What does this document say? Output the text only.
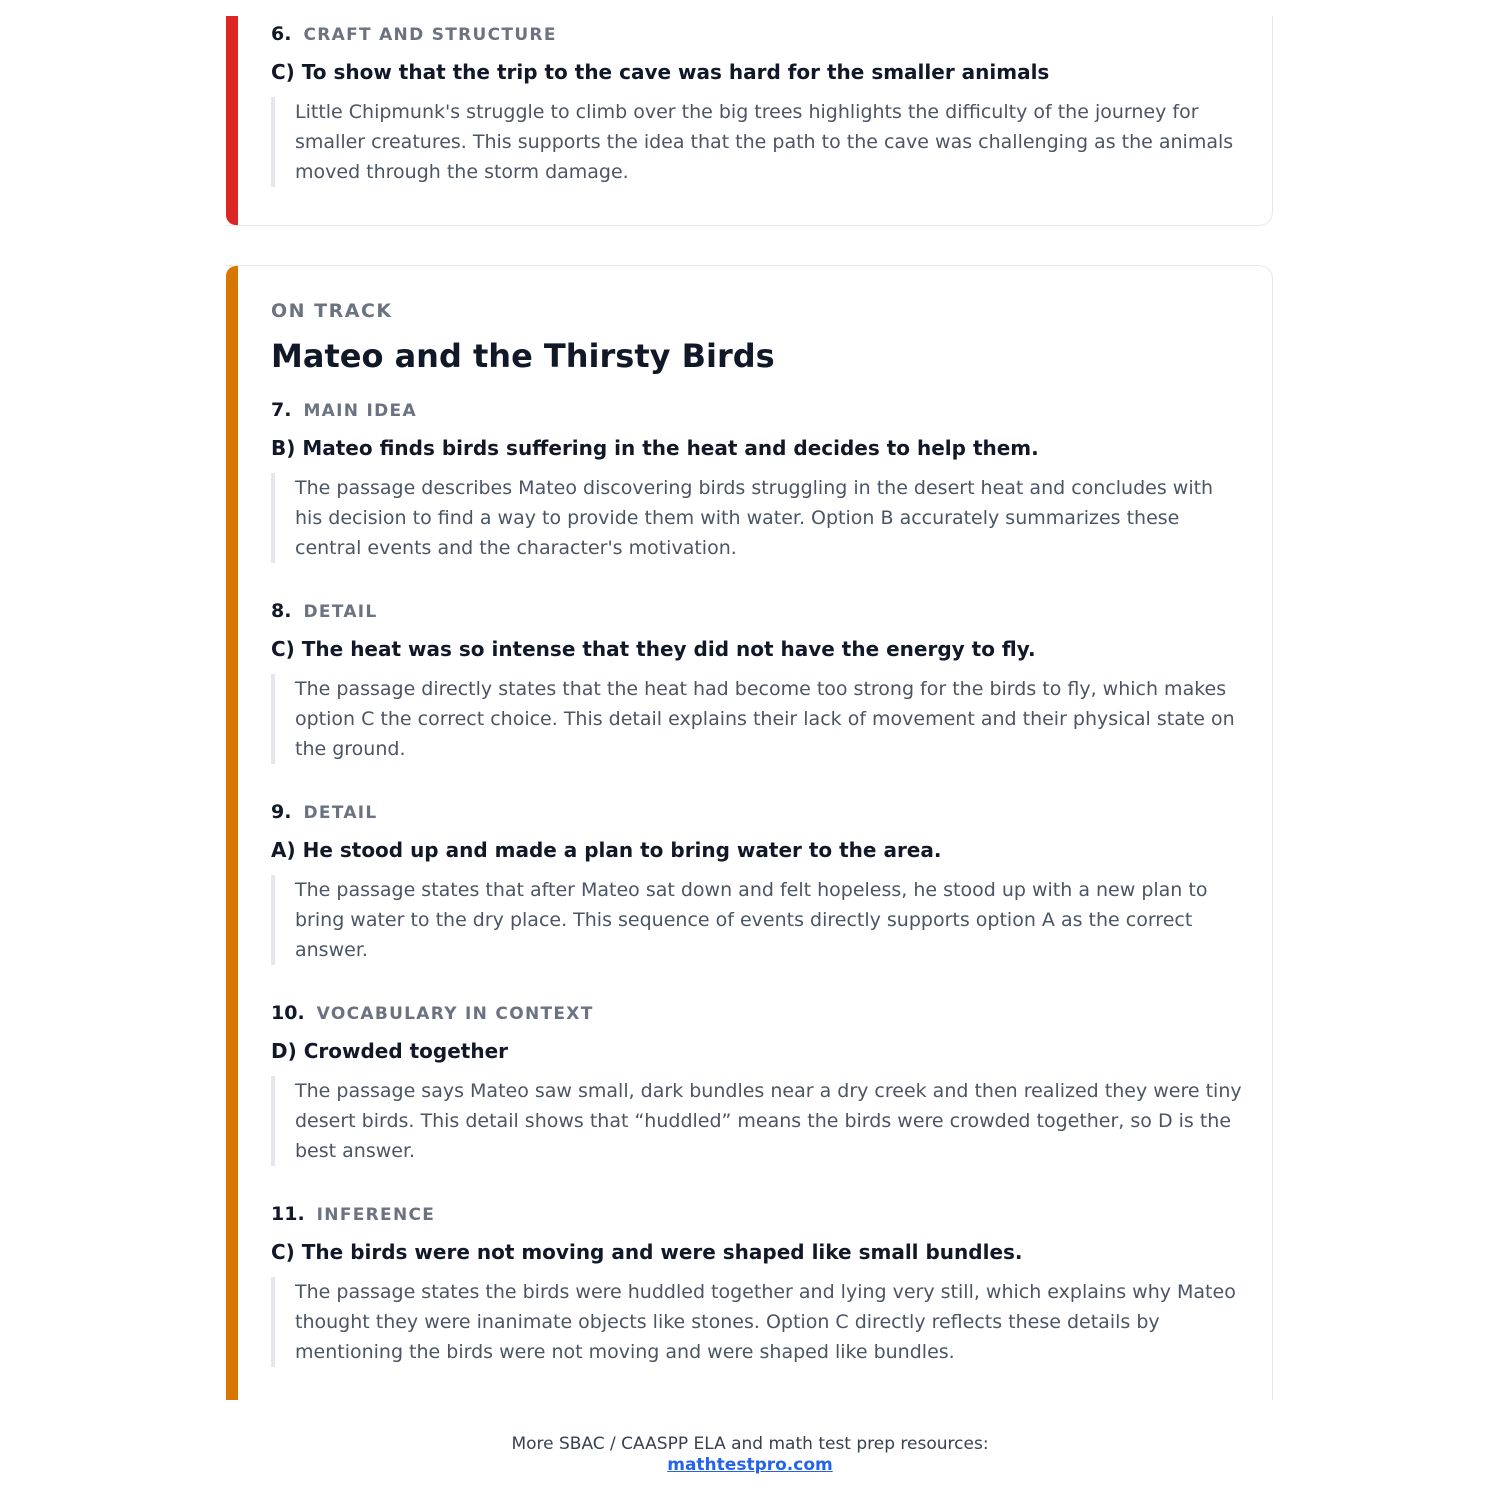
6. CRAFT AND STRUCTURE
C) To show that the trip to the cave was hard for the smaller animals
Little Chipmunk's struggle to climb over the big trees highlights the difficulty of the journey for smaller creatures. This supports the idea that the path to the cave was challenging as the animals moved through the storm damage.
ON TRACK
Mateo and the Thirsty Birds
7. MAIN IDEA
B) Mateo finds birds suffering in the heat and decides to help them.
The passage describes Mateo discovering birds struggling in the desert heat and concludes with his decision to find a way to provide them with water. Option B accurately summarizes these central events and the character's motivation.
8. DETAIL
C) The heat was so intense that they did not have the energy to fly.
The passage directly states that the heat had become too strong for the birds to fly, which makes option C the correct choice. This detail explains their lack of movement and their physical state on the ground.
9. DETAIL
A) He stood up and made a plan to bring water to the area.
The passage states that after Mateo sat down and felt hopeless, he stood up with a new plan to bring water to the dry place. This sequence of events directly supports option A as the correct answer.
10. VOCABULARY IN CONTEXT
D) Crowded together
The passage says Mateo saw small, dark bundles near a dry creek and then realized they were tiny desert birds. This detail shows that “huddled” means the birds were crowded together, so D is the best answer.
11. INFERENCE
C) The birds were not moving and were shaped like small bundles.
The passage states the birds were huddled together and lying very still, which explains why Mateo thought they were inanimate objects like stones. Option C directly reflects these details by mentioning the birds were not moving and were shaped like bundles.
More SBAC / CAASPP ELA and math test prep resources:
mathtestpro.com
